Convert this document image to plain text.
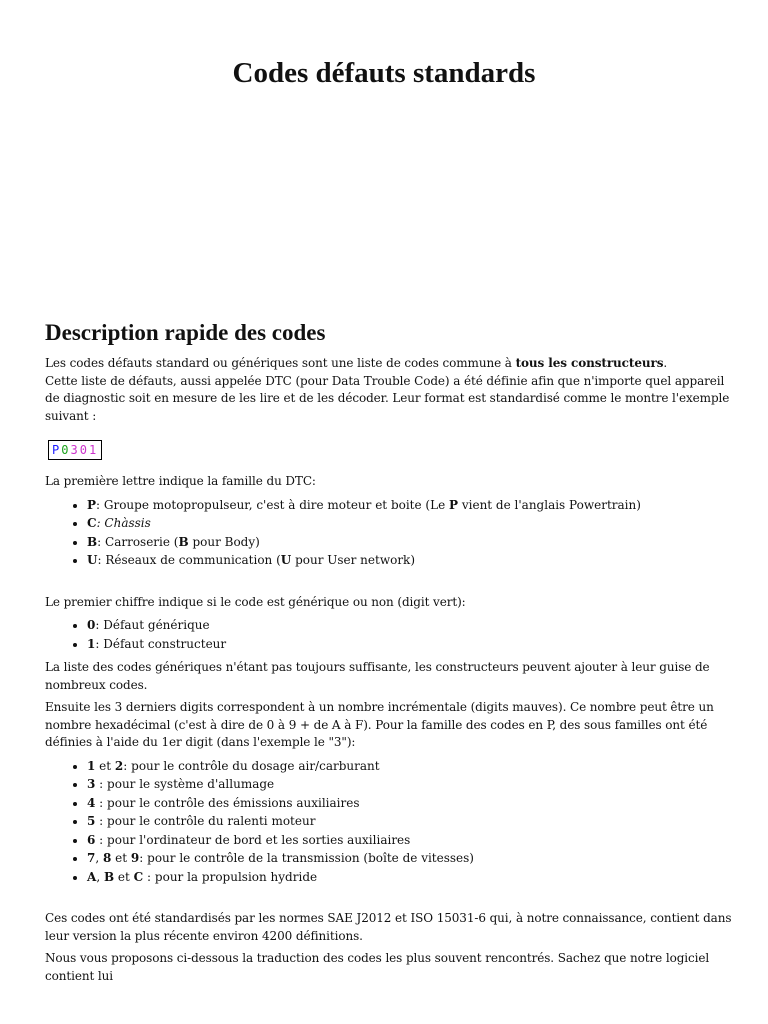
Codes défauts standards
Description rapide des codes

Les codes défauts standard ou génériques sont une liste de codes commune à tous les constructeurs.

Cette liste de défauts, aussi appelée DTC (pour Data Trouble Code) a été définie afin que n'importe quel appareil de diagnostic soit en mesure de les lire et de les décoder. Leur format est standardisé comme le montre l'exemple suivant :

P0301

La première lettre indique la famille du DTC:

• P: Groupe motopropulseur, c'est à dire moteur et boite (Le P vient de l'anglais Powertrain)
• C: Chàssis
• B: Carroserie (B pour Body)
• U: Réseaux de communication (U pour User network)

Le premier chiffre indique si le code est générique ou non (digit vert):

• 0: Défaut générique
• 1: Défaut constructeur

La liste des codes génériques n'étant pas toujours suffisante, les constructeurs peuvent ajouter à leur guise de nombreux codes.

Ensuite les 3 derniers digits correspondent à un nombre incrémentale (digits mauves). Ce nombre peut être un nombre hexadécimal (c'est à dire de 0 à 9 + de A à F). Pour la famille des codes en P, des sous familles ont été définies à l'aide du 1er digit (dans l'exemple le "3"):

• 1 et 2: pour le contrôle du dosage air/carburant
• 3 : pour le système d'allumage
• 4 : pour le contrôle des émissions auxiliaires
• 5 : pour le contrôle du ralenti moteur
• 6 : pour l'ordinateur de bord et les sorties auxiliaires
• 7, 8 et 9: pour le contrôle de la transmission (boîte de vitesses)
• A, B et C : pour la propulsion hydride

Ces codes ont été standardisés par les normes SAE J2012 et ISO 15031-6 qui, à notre connaissance, contient dans leur version la plus récente environ 4200 définitions.

Nous vous proposons ci-dessous la traduction des codes les plus souvent rencontrés. Sachez que notre logiciel contient lui
